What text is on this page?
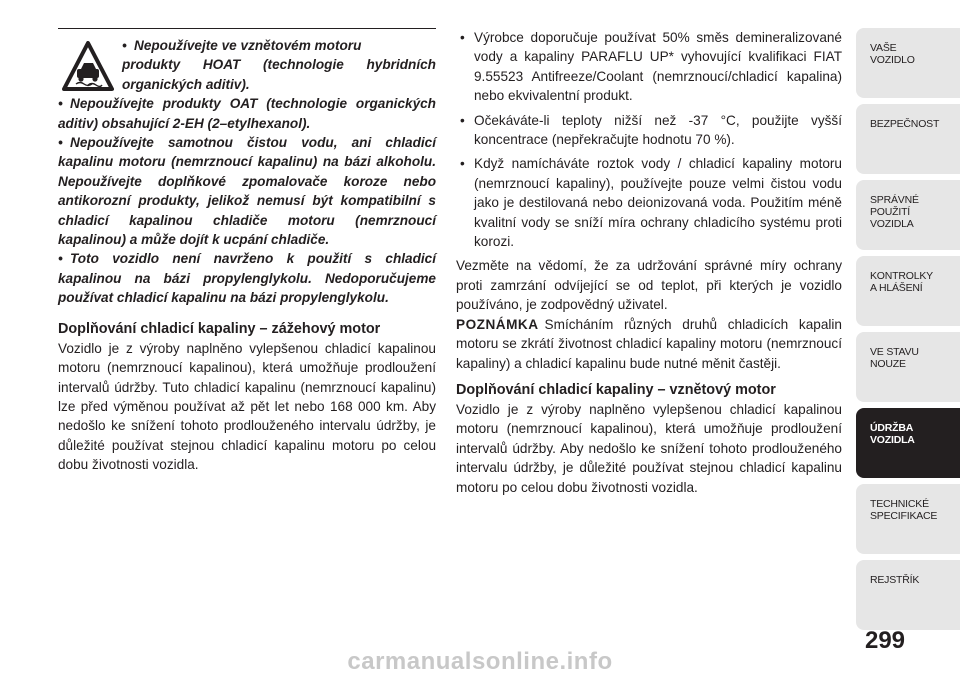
• Nepoužívejte ve vznětovém motoru

produkty HOAT (technologie hybridních organických aditiv).

• Nepoužívejte produkty OAT (technologie organických aditiv) obsahující 2-EH (2–etylhexanol).

• Nepoužívejte samotnou čistou vodu, ani chladicí kapalinu motoru (nemrznoucí kapalinu) na bázi alkoholu. Nepoužívejte doplňkové zpomalovače koroze nebo antikorozní produkty, jelikož nemusí být kompatibilní s chladicí kapalinou chladiče motoru (nemrznoucí kapalinou) a může dojít k ucpání chladiče.

• Toto vozidlo není navrženo k použití s chladicí kapalinou na bázi propylenglykolu. Nedoporučujeme používat chladicí kapalinu na bázi propylenglykolu.

Doplňování chladicí kapaliny – zážehový motor

Vozidlo je z výroby naplněno vylepšenou chladicí kapalinou motoru (nemrznoucí kapalinou), která umožňuje prodloužení intervalů údržby. Tuto chladicí kapalinu (nemrznoucí kapalinu) lze před výměnou používat až pět let nebo 168 000 km. Aby nedošlo ke snížení tohoto prodlouženého intervalu údržby, je důležité používat stejnou chladicí kapalinu motoru po celou dobu životnosti vozidla.

• Výrobce doporučuje používat 50% směs demineralizované vody a kapaliny PARAFLU UP* vyhovující kvalifikaci FIAT 9.55523 Antifreeze/Coolant (nemrznoucí/chladicí kapalina) nebo ekvivalentní produkt.
• Očekáváte-li teploty nižší než -37 °C, použijte vyšší koncentrace (nepřekračujte hodnotu 70 %).
• Když namícháváte roztok vody / chladicí kapaliny motoru (nemrznoucí kapaliny), používejte pouze velmi čistou vodu jako je destilovaná nebo deionizovaná voda. Použitím méně kvalitní vody se sníží míra ochrany chladicího systému proti korozi.

Vezměte na vědomí, že za udržování správné míry ochrany proti zamrzání odvíjející se od teplot, při kterých je vozidlo používáno, je zodpovědný uživatel.

POZNÁMKA Smícháním různých druhů chladicích kapalin motoru se zkrátí životnost chladicí kapaliny motoru (nemrznoucí kapaliny) a chladicí kapalinu bude nutné měnit častěji.

Doplňování chladicí kapaliny – vznětový motor

Vozidlo je z výroby naplněno vylepšenou chladicí kapalinou motoru (nemrznoucí kapalinou), která umožňuje prodloužení intervalů údržby. Aby nedošlo ke snížení tohoto prodlouženého intervalu údržby, je důležité používat stejnou chladicí kapalinu motoru po celou dobu životnosti vozidla.

VAŠE
VOZIDLO
BEZPEČNOST
SPRÁVNÉ
POUŽITÍ
VOZIDLA
KONTROLKY
A HLÁŠENÍ
VE STAVU
NOUZE
ÚDRŽBA
VOZIDLA
TECHNICKÉ
SPECIFIKACE
REJSTŘÍK
299
carmanualsonline.info
